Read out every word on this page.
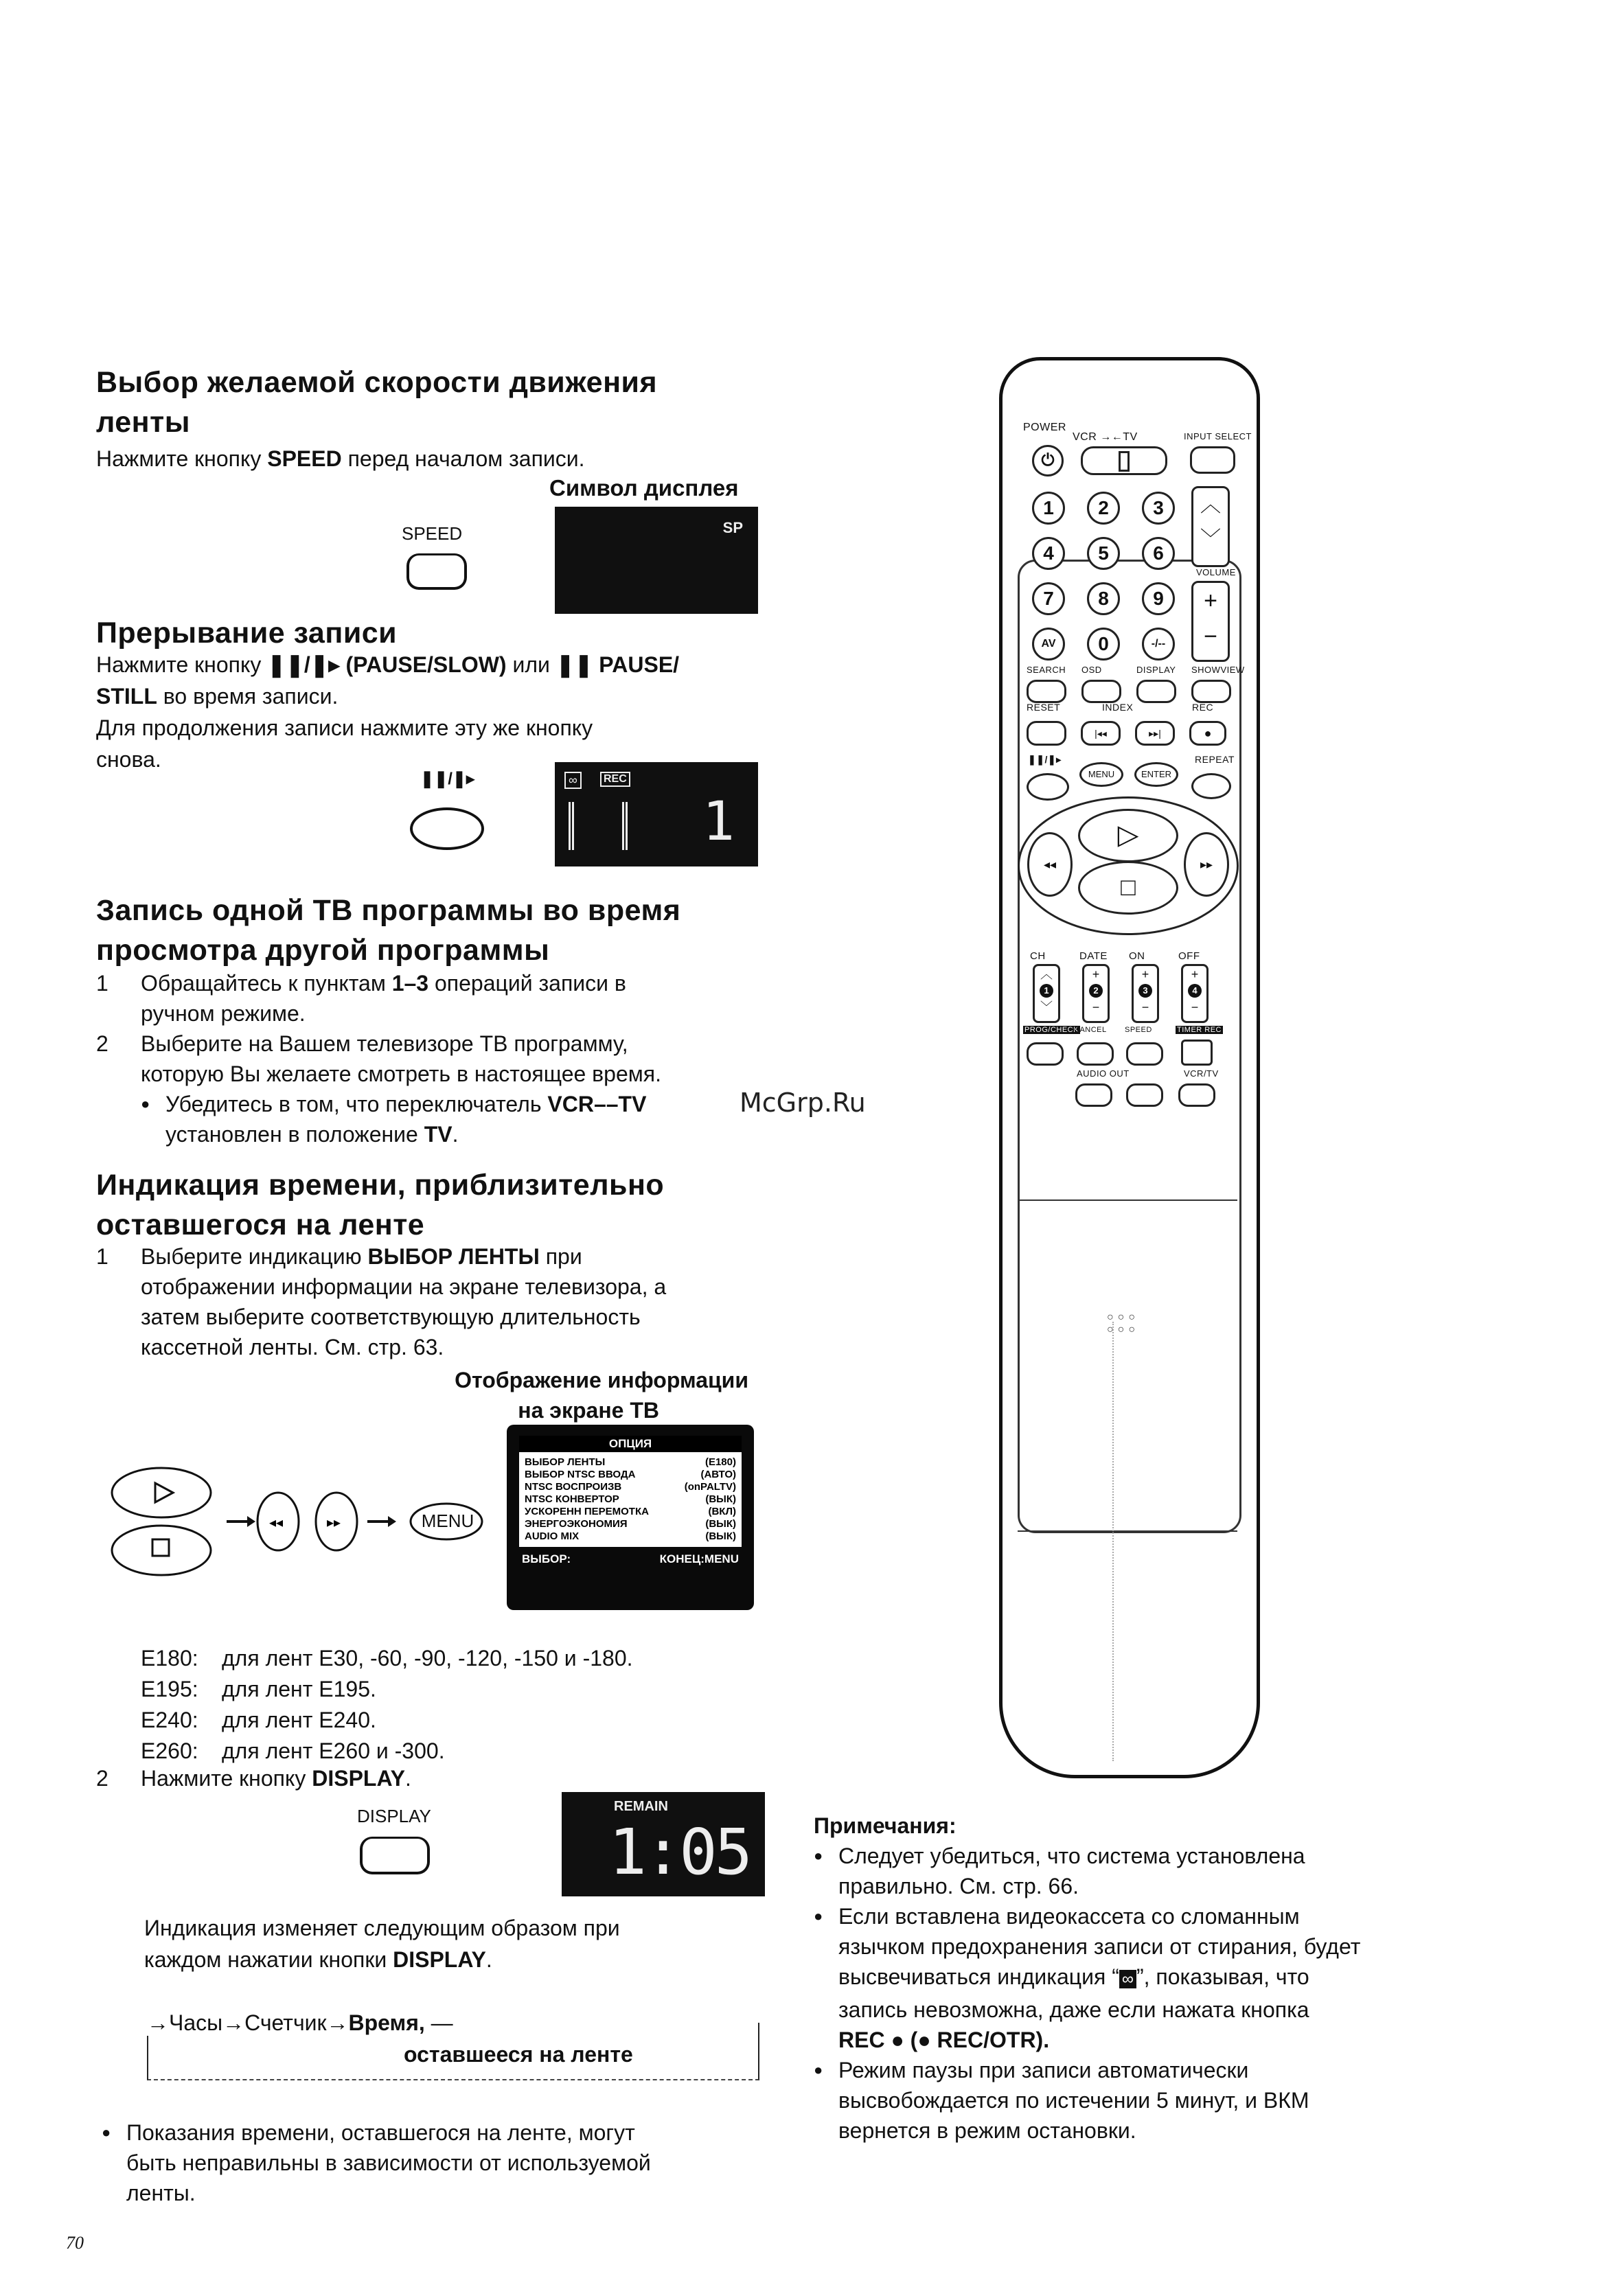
Выбор желаемой скорости движения
ленты
Нажмите кнопку SPEED перед началом записи.
Символ дисплея
SPEED	SP
Прерывание записи
Нажмите кнопку ❚❚/❚▸ (PAUSE/SLOW) или ❚❚ PAUSE/
STILL во время записи.
Для продолжения записи нажмите эту же кнопку
снова.
❚❚/❚▸	∞	REC
1
Запись одной ТВ программы во время
просмотра другой программы
1 Обращайтесь к пунктам 1–3 операций записи в
ручном режиме.
2 Выберите на Вашем телевизоре ТВ программу,
которую Вы желаете смотреть в настоящее время.
● Убедитесь в том, что переключатель VCR––TV
установлен в положение TV.
McGrp.Ru
Индикация времени, приблизительно
оставшегося на ленте
1 Выберите индикацию ВЫБОР ЛЕНТЫ при
отображении информации на экране телевизора, а
затем выберите соответствующую длительность
кассетной ленты. См. стр. 63.
Отображение информации
на экране ТВ
◂◂	▸▸	MENU
ОПЦИЯ
ВЫБОР ЛЕНТЫ	(E180)
ВЫБОР NTSC ВВОДА	(АВТО)
NTSC ВОСПРОИЗВ	(onPALTV)
NTSC КОНВЕРТОР	(ВЫК)
УСКОРЕНН ПЕРЕМОТКА	(ВКЛ)
ЭНЕРГОЭКОНОМИЯ	(ВЫК)
AUDIO MIX	(ВЫК)
ВЫБОР:	КОНЕЦ:MENU
E180: для лент E30, -60, -90, -120, -150 и -180.
E195: для лент E195.
E240: для лент E240.
E260: для лент E260 и -300.
2 Нажмите кнопку DISPLAY.
DISPLAY	REMAIN
1:05
Индикация изменяет следующим образом при
каждом нажатии кнопки DISPLAY.
→Часы→Счетчик→Время, —
оставшееся на ленте
● Показания времени, оставшегося на ленте, могут
быть неправильны в зависимости от используемой
ленты.
70
Примечания:
● Следует убедиться, что система установлена
правильно. См. стр. 66.
● Если вставлена видеокассета со сломанным
язычком предохранения записи от стирания, будет
высвечиваться индикация “ ∞ ”, показывая, что
запись невозможна, даже если нажата кнопка
REC ● (● REC/OTR).
● Режим паузы при записи автоматически
высвобождается по истечении 5 минут, и ВКМ
вернется в режим остановки.
POWER
VCR →←TV	INPUT SELECT
⏻
1	2	3
4	5	6
7	8	9
AV	0	-/--
︿
﹀
VOLUME
+
−
SEARCH OSD	DISPLAY SHOWVIEW
RESET	INDEX	REC
|◂◂	▸▸|	●
❚❚/❚▸	REPEAT
MENU	ENTER
▷
□
◂◂	▸▸
CH
︿
1
﹀
DATE
+
2
−
ON
+
3
−
OFF
+
4
−
PROG/CHECK
CANCEL SPEED	TIMER REC
AUDIO OUT	VCR/TV
○○○
○○○
